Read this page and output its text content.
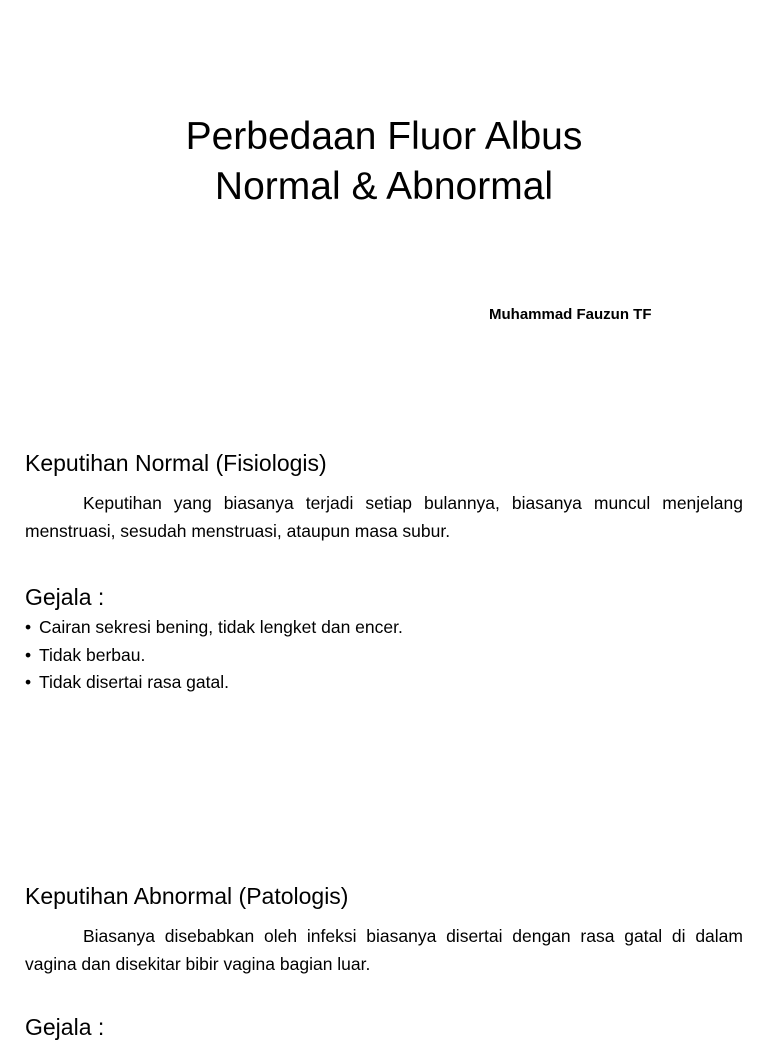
Perbedaan Fluor Albus
Normal & Abnormal
Muhammad Fauzun TF
Keputihan Normal (Fisiologis)

Keputihan yang biasanya terjadi setiap bulannya, biasanya muncul menjelang menstruasi, sesudah menstruasi, ataupun masa subur.

Gejala :
• Cairan sekresi bening, tidak lengket dan encer.
• Tidak berbau.
• Tidak disertai rasa gatal.
Keputihan Abnormal (Patologis)

Biasanya disebabkan oleh infeksi biasanya disertai dengan rasa gatal di dalam vagina dan disekitar bibir vagina bagian luar.

Gejala :
